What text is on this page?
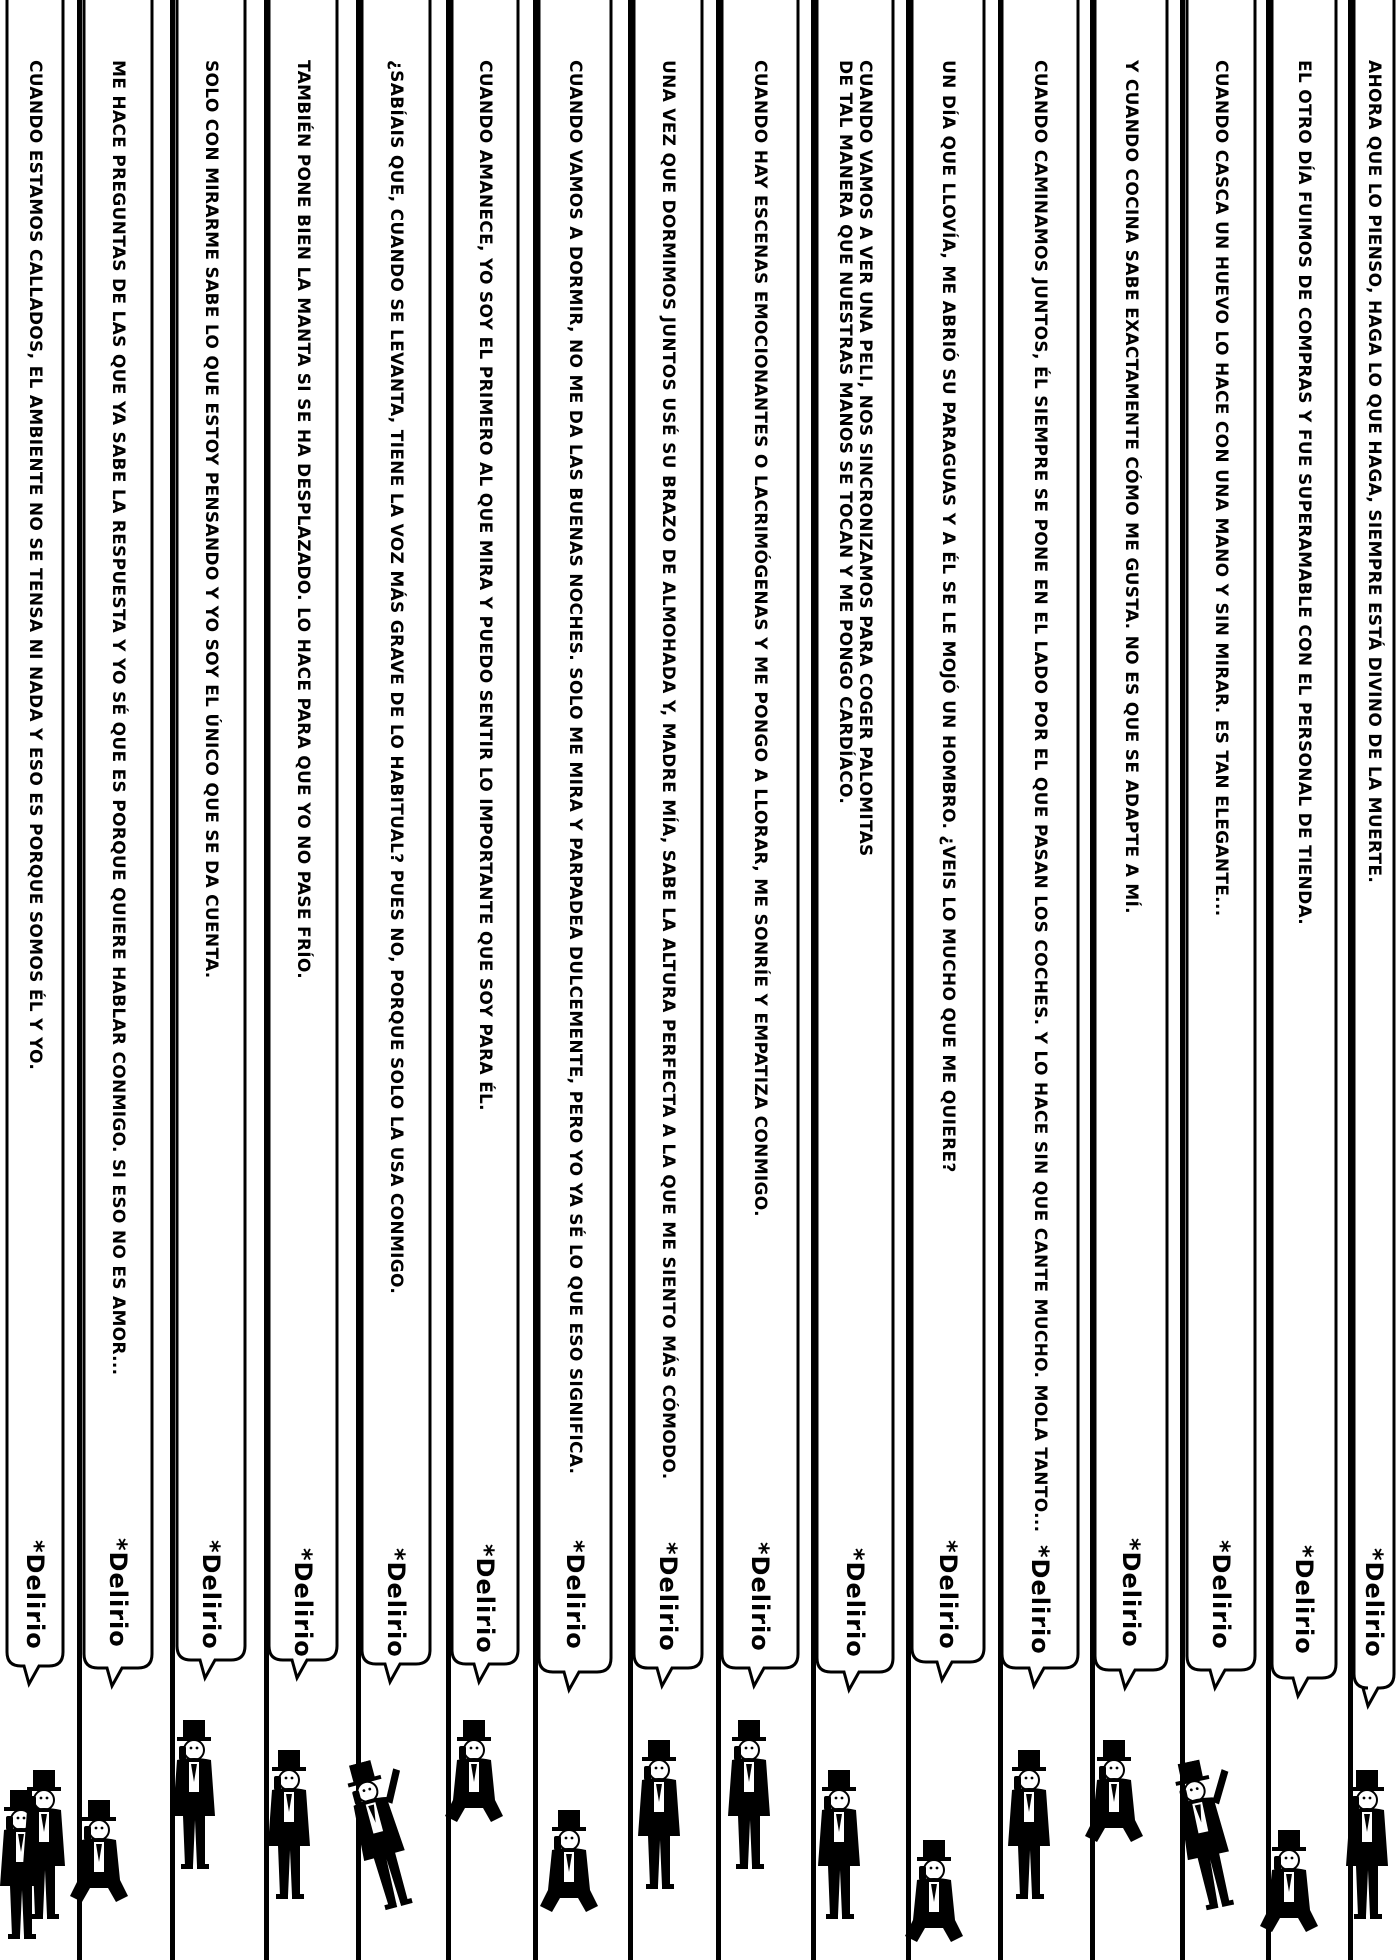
AHORA QUE LO PIENSO, HAGA LO QUE HAGA, SIEMPRE ESTÁ DIVINO DE LA MUERTE.
*Delirio
EL OTRO DÍA FUIMOS DE COMPRAS Y FUE SUPERAMABLE CON EL PERSONAL DE TIENDA.
*Delirio
CUANDO CASCA UN HUEVO LO HACE CON UNA MANO Y SIN MIRAR. ES TAN ELEGANTE...
*Delirio
Y CUANDO COCINA SABE EXACTAMENTE CÓMO ME GUSTA. NO ES QUE SE ADAPTE A MÍ.
*Delirio
CUANDO CAMINAMOS JUNTOS, ÉL SIEMPRE SE PONE EN EL LADO POR EL QUE PASAN LOS COCHES. Y LO HACE SIN QUE CANTE MUCHO. MOLA TANTO...
*Delirio
UN DÍA QUE LLOVÍA, ME ABRIÓ SU PARAGUAS Y A ÉL SE LE MOJÓ UN HOMBRO. ¿VEIS LO MUCHO QUE ME QUIERE?
*Delirio
CUANDO VAMOS A VER UNA PELI, NOS SINCRONIZAMOS PARA COGER PALOMITAS
DE TAL MANERA QUE NUESTRAS MANOS SE TOCAN Y ME PONGO CARDÍACO.
*Delirio
CUANDO HAY ESCENAS EMOCIONANTES O LACRIMÓGENAS Y ME PONGO A LLORAR, ME SONRÍE Y EMPATIZA CONMIGO.
*Delirio
UNA VEZ QUE DORMIMOS JUNTOS USÉ SU BRAZO DE ALMOHADA Y, MADRE MÍA, SABE LA ALTURA PERFECTA A LA QUE ME SIENTO MÁS CÓMODO.
*Delirio
CUANDO VAMOS A DORMIR, NO ME DA LAS BUENAS NOCHES. SOLO ME MIRA Y PARPADEA DULCEMENTE, PERO YO YA SÉ LO QUE ESO SIGNIFICA.
*Delirio
CUANDO AMANECE, YO SOY EL PRIMERO AL QUE MIRA Y PUEDO SENTIR LO IMPORTANTE QUE SOY PARA ÉL.
*Delirio
¿SABÍAIS QUE, CUANDO SE LEVANTA, TIENE LA VOZ MÁS GRAVE DE LO HABITUAL? PUES NO, PORQUE SOLO LA USA CONMIGO.
*Delirio
TAMBIÉN PONE BIEN LA MANTA SI SE HA DESPLAZADO. LO HACE PARA QUE YO NO PASE FRÍO.
*Delirio
SOLO CON MIRARME SABE LO QUE ESTOY PENSANDO Y YO SOY EL ÚNICO QUE SE DA CUENTA.
*Delirio
ME HACE PREGUNTAS DE LAS QUE YA SABE LA RESPUESTA Y YO SÉ QUE ES PORQUE QUIERE HABLAR CONMIGO. SI ESO NO ES AMOR...
*Delirio
CUANDO ESTAMOS CALLADOS, EL AMBIENTE NO SE TENSA NI NADA Y ESO ES PORQUE SOMOS ÉL Y YO.
*Delirio
